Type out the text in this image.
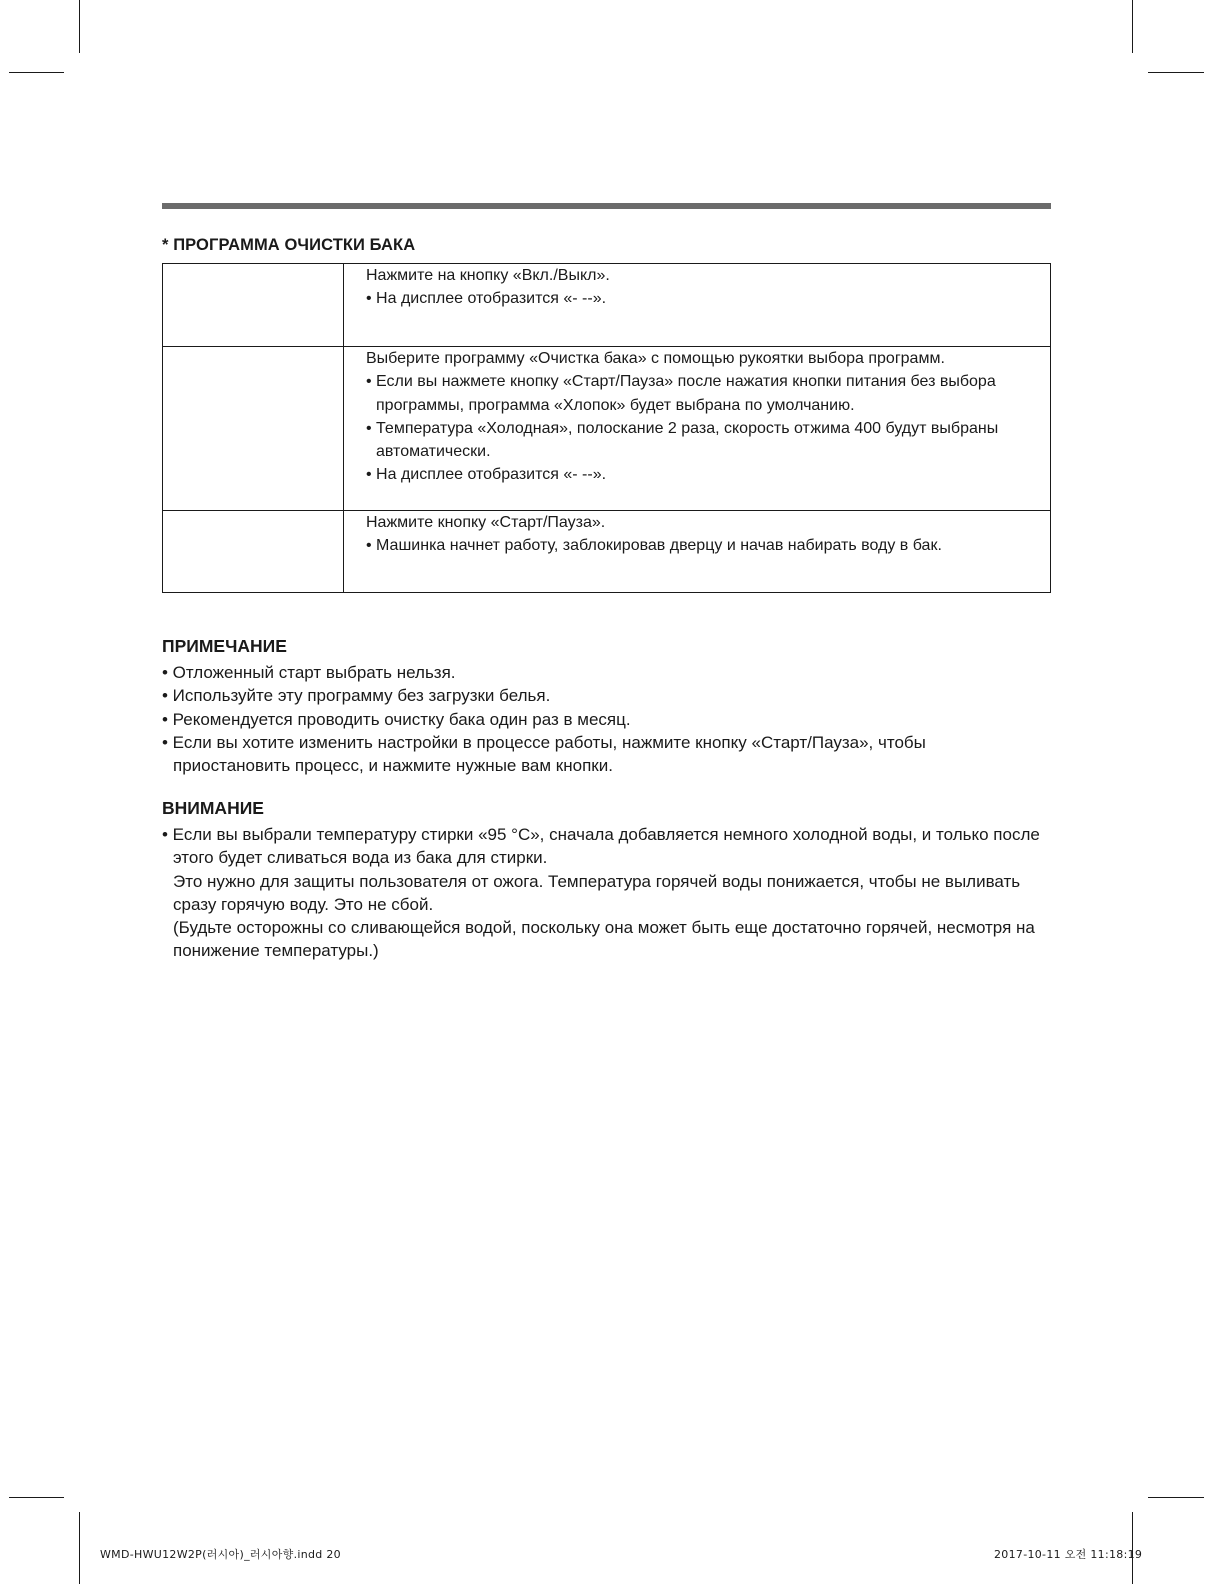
* ПРОГРАММА ОЧИСТКИ БАКА

	Нажмите на кнопку «Вкл./Выкл».

• На дисплее отобразится «- --».

	Выберите программу «Очистка бака» с помощью рукоятки выбора программ.

• Если вы нажмете кнопку «Старт/Пауза» после нажатия кнопки питания без выбора программы, программа «Хлопок» будет выбрана по умолчанию.

• Температура «Холодная», полоскание 2 раза, скорость отжима 400 будут выбраны автоматически.

• На дисплее отобразится «- --».

	Нажмите кнопку «Старт/Пауза».

• Машинка начнет работу, заблокировав дверцу и начав набирать воду в бак.

ПРИМЕЧАНИЕ

• Отложенный старт выбрать нельзя.

• Используйте эту программу без загрузки белья.

• Рекомендуется проводить очистку бака один раз в месяц.

• Если вы хотите изменить настройки в процессе работы, нажмите кнопку «Старт/Пауза», чтобы приостановить процесс, и нажмите нужные вам кнопки.

ВНИМАНИЕ

• Если вы выбрали температуру стирки «95 °C», сначала добавляется немного холодной воды, и только после этого будет сливаться вода из бака для стирки.

Это нужно для защиты пользователя от ожога. Температура горячей воды понижается, чтобы не выливать сразу горячую воду. Это не сбой.

(Будьте осторожны со сливающейся водой, поскольку она может быть еще достаточно горячей, несмотря на понижение температуры.)

WMD-HWU12W2P(러시아)_러시아향.indd 20	2017-10-11 오전 11:18:19
